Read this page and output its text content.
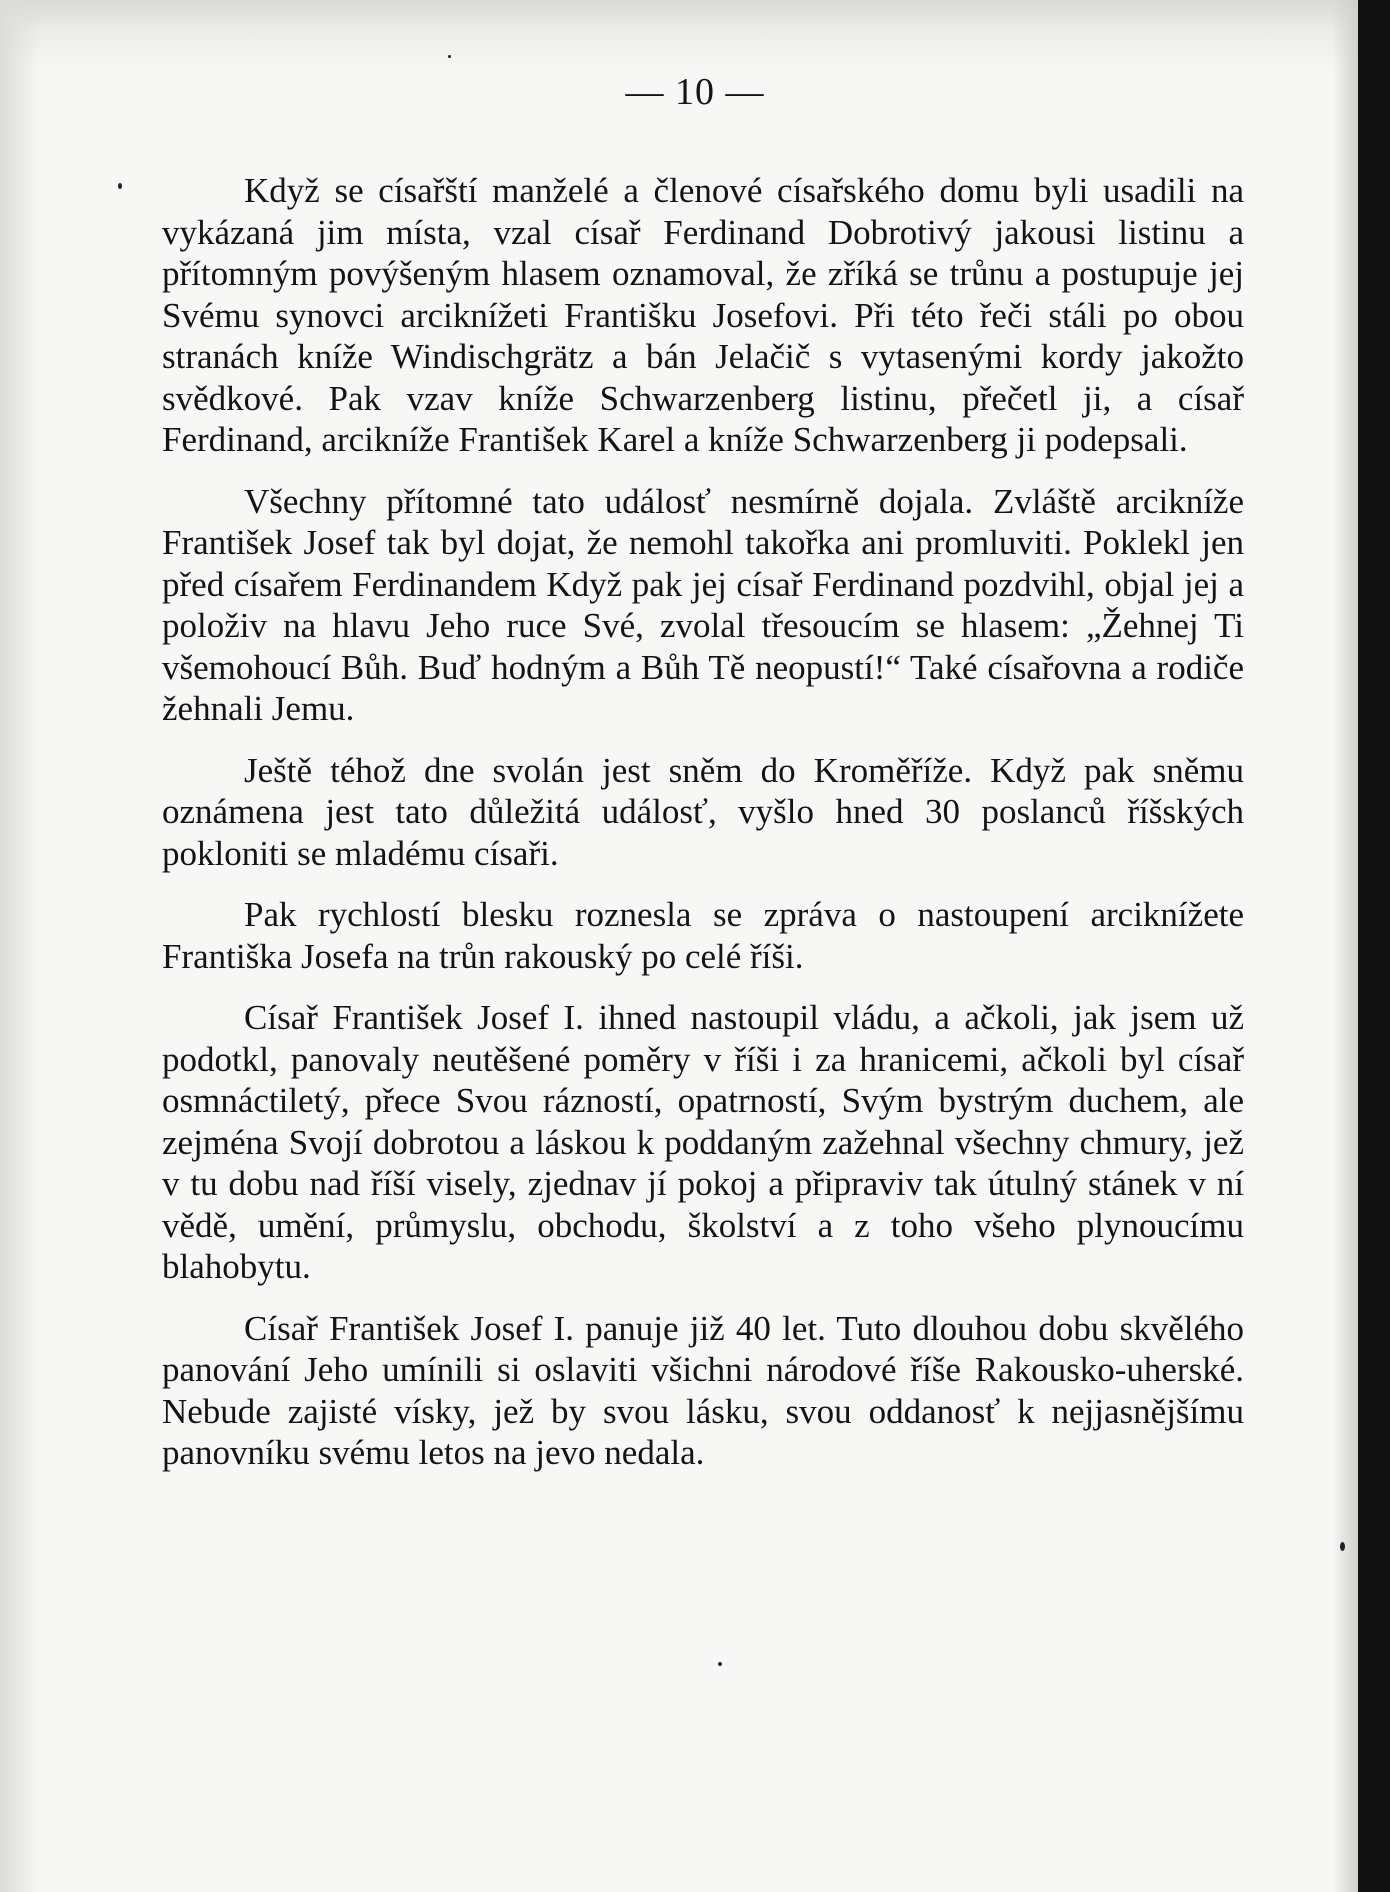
— 10 —

Když se císařští manželé a členové císařského domu byli usadili na vykázaná jim místa, vzal císař Ferdinand Dobrotivý jakousi listinu a přítomným povýšeným hlasem oznamoval, že zříká se trůnu a postupuje jej Svému synovci arciknížeti Františku Josefovi. Při této řeči stáli po obou stranách kníže Windischgrätz a bán Jelačič s vytasenými kordy jakožto svědkové. Pak vzav kníže Schwarzenberg listinu, přečetl ji, a císař Ferdinand, arcikníže František Karel a kníže Schwarzenberg ji podepsali.

Všechny přítomné tato událosť nesmírně dojala. Zvláště arcikníže František Josef tak byl dojat, že nemohl takořka ani promluviti. Poklekl jen před císařem Ferdinandem Když pak jej císař Ferdinand pozdvihl, objal jej a položiv na hlavu Jeho ruce Své, zvolal třesoucím se hlasem: „Žehnej Ti všemohoucí Bůh. Buď hodným a Bůh Tě neopustí!“ Také císařovna a rodiče žehnali Jemu.

Ještě téhož dne svolán jest sněm do Kroměříže. Když pak sněmu oznámena jest tato důležitá událosť, vyšlo hned 30 poslanců říšských pokloniti se mladému císaři.

Pak rychlostí blesku roznesla se zpráva o nastoupení arciknížete Františka Josefa na trůn rakouský po celé říši.

Císař František Josef I. ihned nastoupil vládu, a ačkoli, jak jsem už podotkl, panovaly neutěšené poměry v říši i za hranicemi, ačkoli byl císař osmnáctiletý, přece Svou rázností, opatrností, Svým bystrým duchem, ale zejména Svojí dobrotou a láskou k poddaným zažehnal všechny chmury, jež v tu dobu nad říší visely, zjednav jí pokoj a připraviv tak útulný stánek v ní vědě, umění, průmyslu, obchodu, školství a z toho všeho plynoucímu blahobytu.

Císař František Josef I. panuje již 40 let. Tuto dlouhou dobu skvělého panování Jeho umínili si oslaviti všichni národové říše Rakousko-uherské. Nebude zajisté vísky, jež by svou lásku, svou oddanosť k nejjasnějšímu panovníku svému letos na jevo nedala.
